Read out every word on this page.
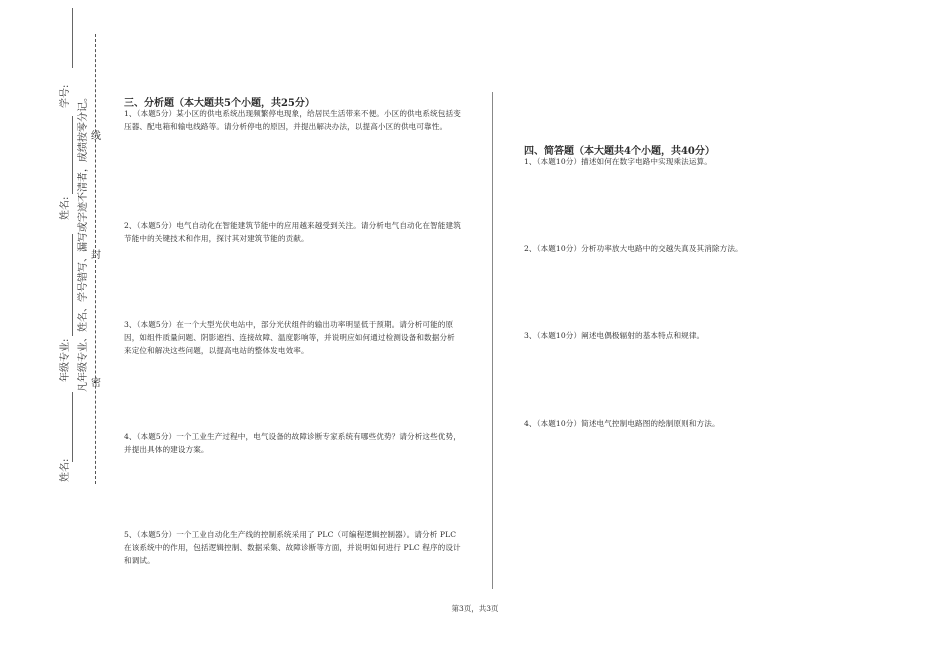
学号:
姓名:
年级专业:
姓名:
凡年级专业、姓名、学号错写、漏写或字迹不清者，成绩按零分记。 密
封
线
三、分析题（本大题共5个小题，共25分）
1、（本题5分）某小区的供电系统出现频繁停电现象，给居民生活带来不便。小区的供电系统包括变压器、配电箱和输电线路等。请分析停电的原因，并提出解决办法，以提高小区的供电可靠性。
2、（本题5分）电气自动化在智能建筑节能中的应用越来越受到关注。请分析电气自动化在智能建筑节能中的关键技术和作用，探讨其对建筑节能的贡献。
3、（本题5分）在一个大型光伏电站中，部分光伏组件的输出功率明显低于预期。请分析可能的原因，如组件质量问题、阴影遮挡、连接故障、温度影响等，并说明应如何通过检测设备和数据分析来定位和解决这些问题，以提高电站的整体发电效率。
4、（本题5分）一个工业生产过程中，电气设备的故障诊断专家系统有哪些优势？请分析这些优势，并提出具体的建设方案。
5、（本题5分）一个工业自动化生产线的控制系统采用了 PLC（可编程逻辑控制器）。请分析 PLC 在该系统中的作用，包括逻辑控制、数据采集、故障诊断等方面，并说明如何进行 PLC 程序的设计和调试。
四、简答题（本大题共4个小题，共40分）
1、（本题10分）描述如何在数字电路中实现乘法运算。
2、（本题10分）分析功率放大电路中的交越失真及其消除方法。
3、（本题10分）阐述电偶极辐射的基本特点和规律。
4、（本题10分）简述电气控制电路图的绘制原则和方法。
第3页，共3页
